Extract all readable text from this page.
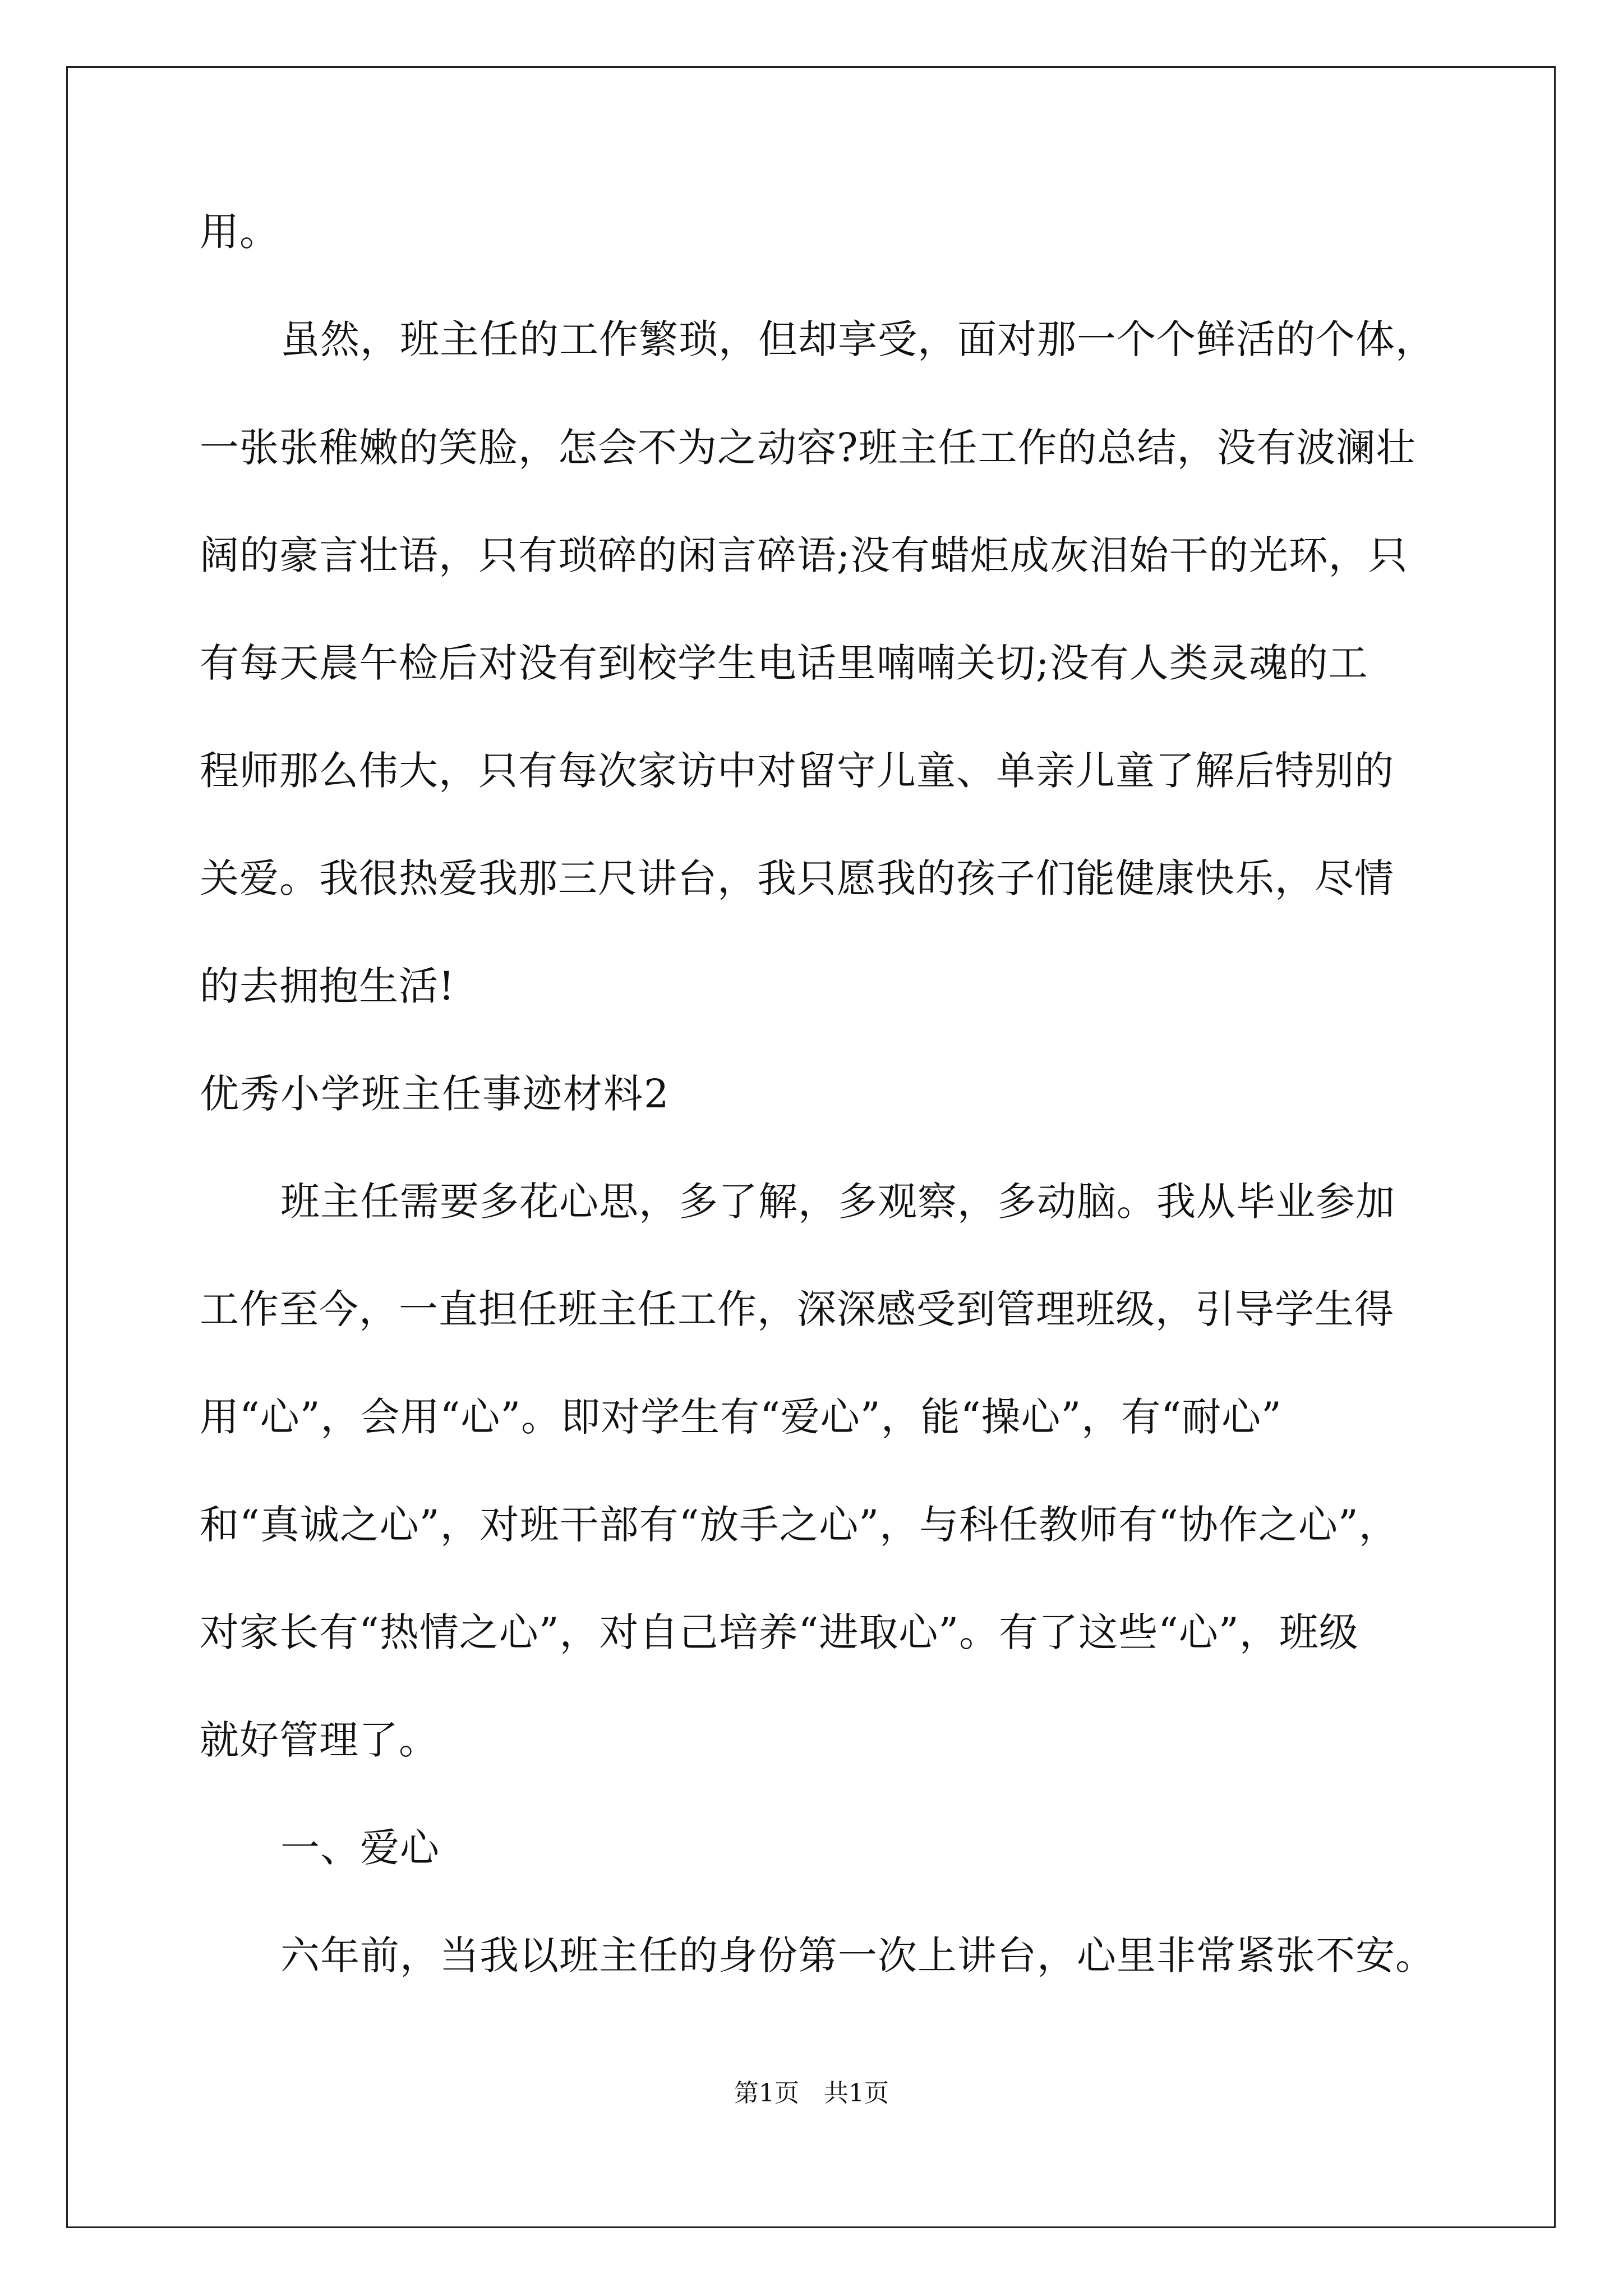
用。
虽然，班主任的工作繁琐，但却享受，面对那一个个鲜活的个体，
一张张稚嫩的笑脸，怎会不为之动容?班主任工作的总结，没有波澜壮
阔的豪言壮语，只有琐碎的闲言碎语;没有蜡炬成灰泪始干的光环，只
有每天晨午检后对没有到校学生电话里喃喃关切;没有人类灵魂的工
程师那么伟大，只有每次家访中对留守儿童、单亲儿童了解后特别的
关爱。我很热爱我那三尺讲台，我只愿我的孩子们能健康快乐，尽情
的去拥抱生活!
优秀小学班主任事迹材料2
班主任需要多花心思，多了解，多观察，多动脑。我从毕业参加
工作至今，一直担任班主任工作，深深感受到管理班级，引导学生得
用“心”，会用“心”。即对学生有“爱心”，能“操心”，有“耐心”
和“真诚之心”，对班干部有“放手之心”，与科任教师有“协作之心”，
对家长有“热情之心”，对自己培养“进取心”。有了这些“心”，班级
就好管理了。
一、爱心
六年前，当我以班主任的身份第一次上讲台，心里非常紧张不安。
第1页　共1页
